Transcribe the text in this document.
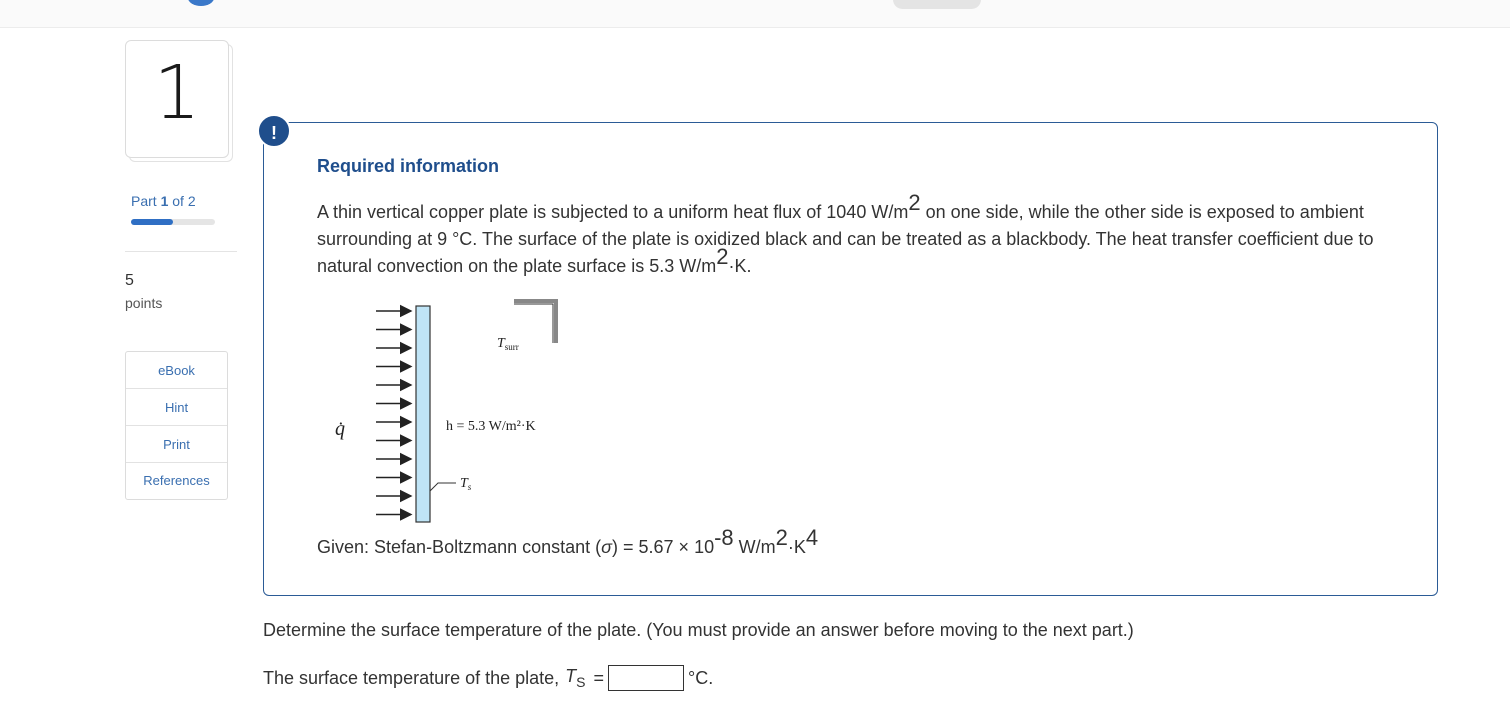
1
Part 1 of 2
5
points
eBook
Hint
Print
References
!
Required information
A thin vertical copper plate is subjected to a uniform heat flux of 1040 $W/m^2$ on one side, while the other side is exposed to ambient surrounding at 9 °C. The surface of the plate is oxidized black and can be treated as a blackbody. The heat transfer coefficient due to natural convection on the plate surface is 5.3 $W/m^2\cdot K$.
q̇	h = 5.3 W/m²·K
$T_{surr}$
$T_s$
Given: Stefan-Boltzmann constant (σ) = 5.67 × 10-8 W/m2·K4
Determine the surface temperature of the plate. (You must provide an answer before moving to the next part.)
The surface temperature of the plate, $T_S$ =	°C.
